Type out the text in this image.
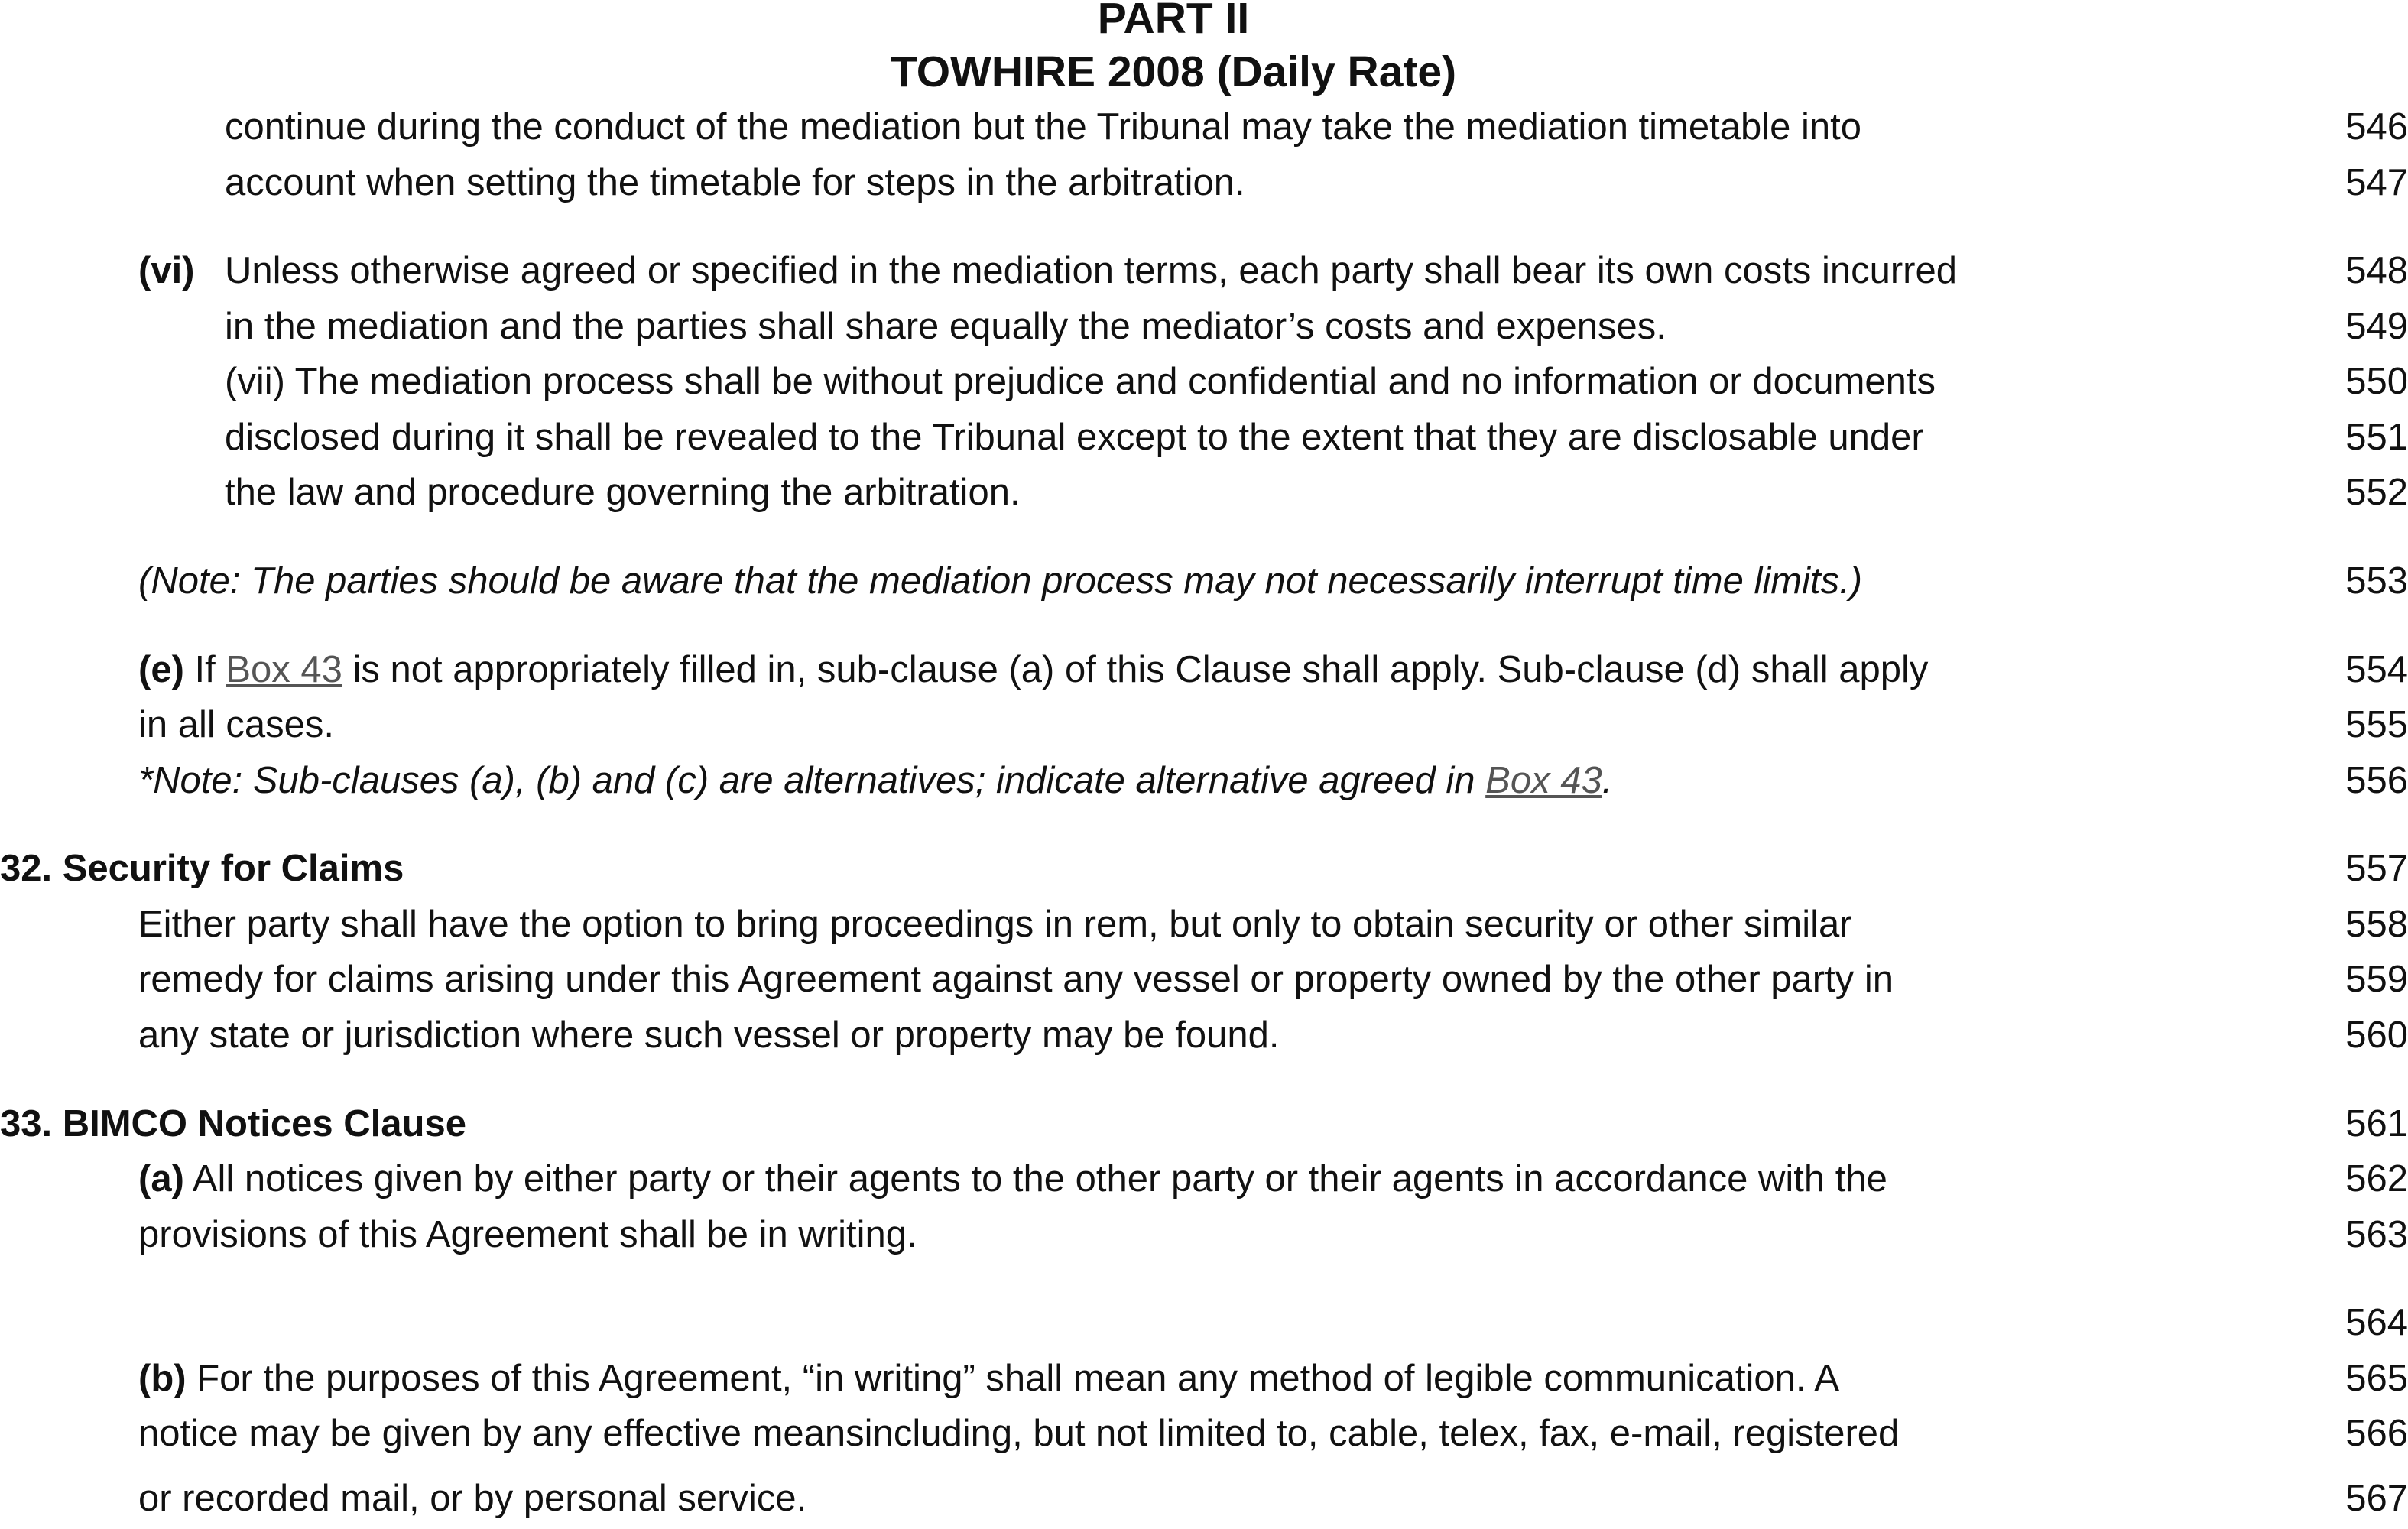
PART II
TOWHIRE 2008 (Daily Rate)
continue during the conduct of the mediation but the Tribunal may take the mediation timetable into	546
account when setting the timetable for steps in the arbitration.	547
(vi) Unless otherwise agreed or specified in the mediation terms, each party shall bear its own costs incurred	548
in the mediation and the parties shall share equally the mediator’s costs and expenses.	549
(vii) The mediation process shall be without prejudice and confidential and no information or documents	550
disclosed during it shall be revealed to the Tribunal except to the extent that they are disclosable under	551
the law and procedure governing the arbitration.	552
(Note: The parties should be aware that the mediation process may not necessarily interrupt time limits.)	553
(e) If Box 43 is not appropriately filled in, sub-clause (a) of this Clause shall apply. Sub-clause (d) shall apply	554
in all cases.	555
*Note: Sub-clauses (a), (b) and (c) are alternatives; indicate alternative agreed in Box 43.	556
32. Security for Claims	557
Either party shall have the option to bring proceedings in rem, but only to obtain security or other similar	558
remedy for claims arising under this Agreement against any vessel or property owned by the other party in	559
any state or jurisdiction where such vessel or property may be found.	560
33. BIMCO Notices Clause	561
(a) All notices given by either party or their agents to the other party or their agents in accordance with the	562
provisions of this Agreement shall be in writing.	563
564
(b) For the purposes of this Agreement, “in writing” shall mean any method of legible communication. A	565
notice may be given by any effective meansincluding, but not limited to, cable, telex, fax, e-mail, registered	566
or recorded mail, or by personal service.	567
